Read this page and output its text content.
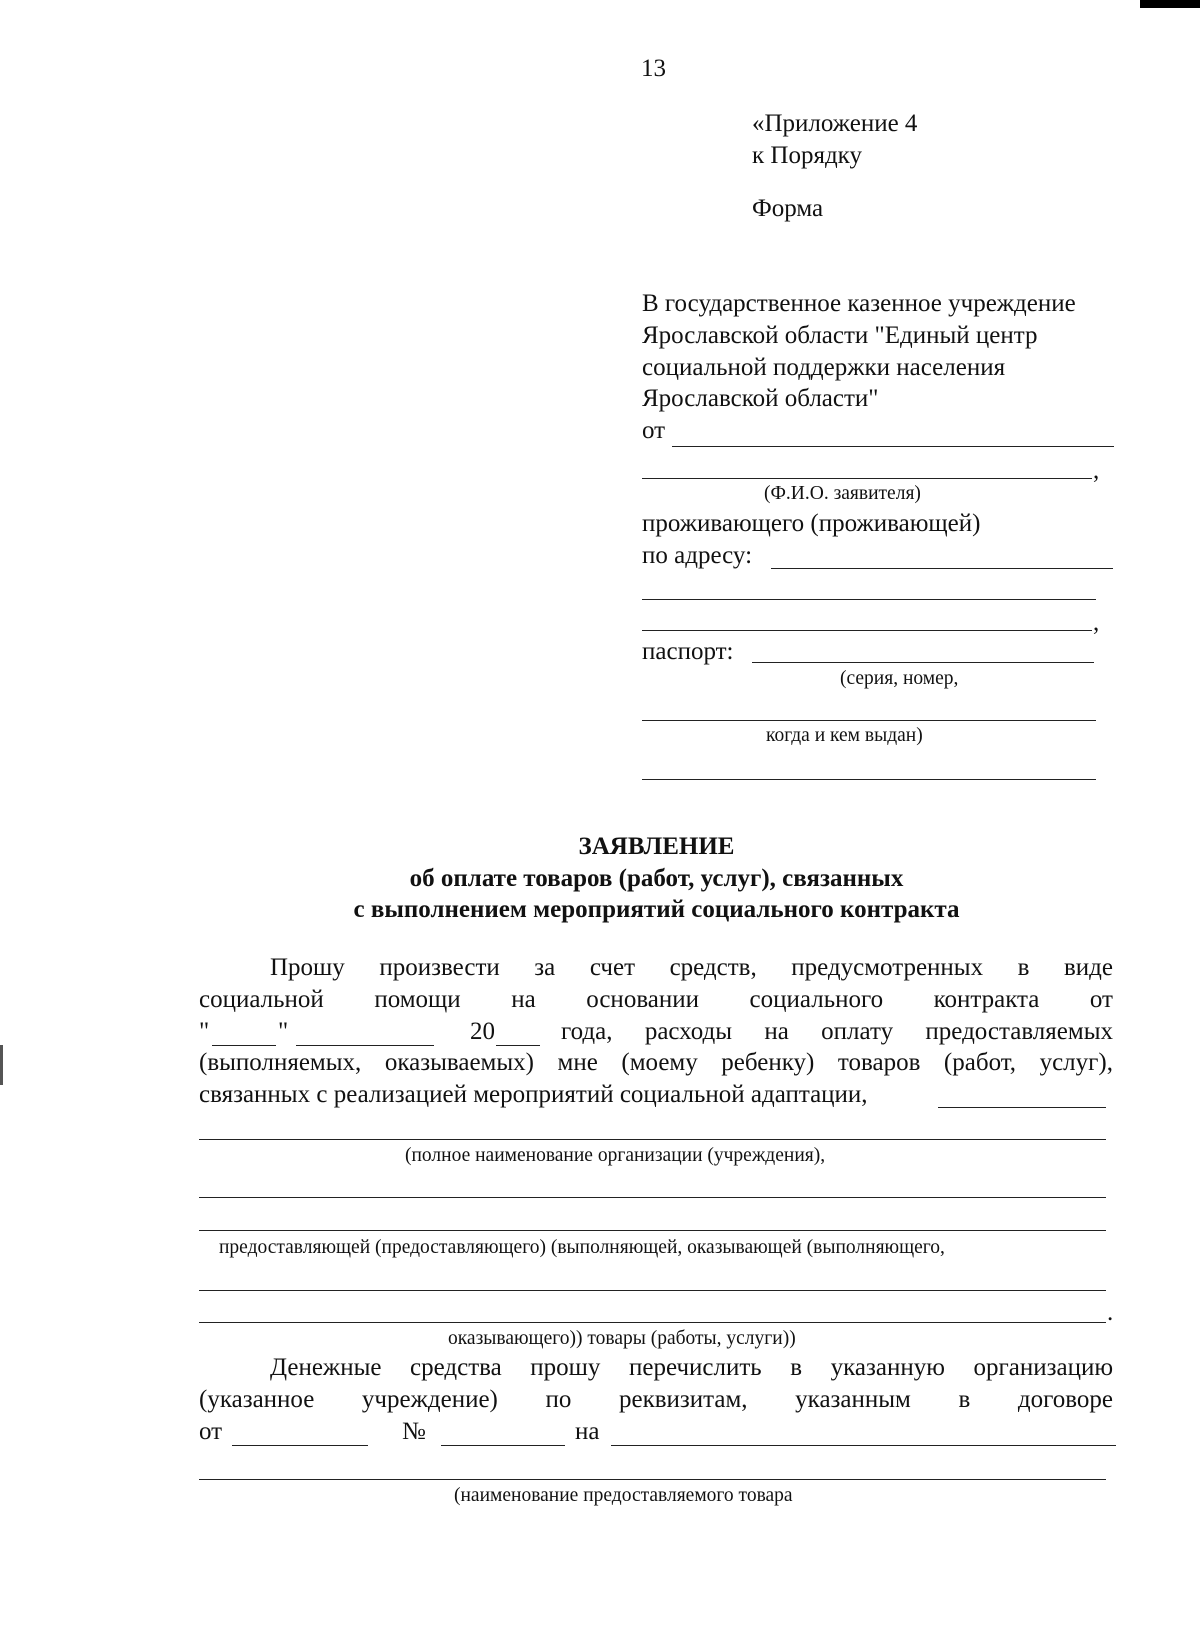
13
«Приложение 4
к Порядку
Форма
В государственное казенное учреждение
Ярославской области "Единый центр
социальной поддержки населения
Ярославской области"
от
,
(Ф.И.О. заявителя)
проживающего (проживающей)
по адресу:
,
паспорт:
(серия, номер,
когда и кем выдан)
ЗАЯВЛЕНИЕ
об оплате товаров (работ, услуг), связанных
с выполнением мероприятий социального контракта
Прошу произвести за счет средств, предусмотренных в виде
социальной помощи на основании социального контракта от
"	"	20	года, расходы на оплату предоставляемых
(выполняемых, оказываемых) мне (моему ребенку) товаров (работ, услуг),
связанных с реализацией мероприятий социальной адаптации,
(полное наименование организации (учреждения),
предоставляющей (предоставляющего) (выполняющей, оказывающей (выполняющего,
.
оказывающего)) товары (работы, услуги))
Денежные средства прошу перечислить в указанную организацию
(указанное учреждение) по реквизитам, указанным в договоре
от	№	на
(наименование предоставляемого товара
